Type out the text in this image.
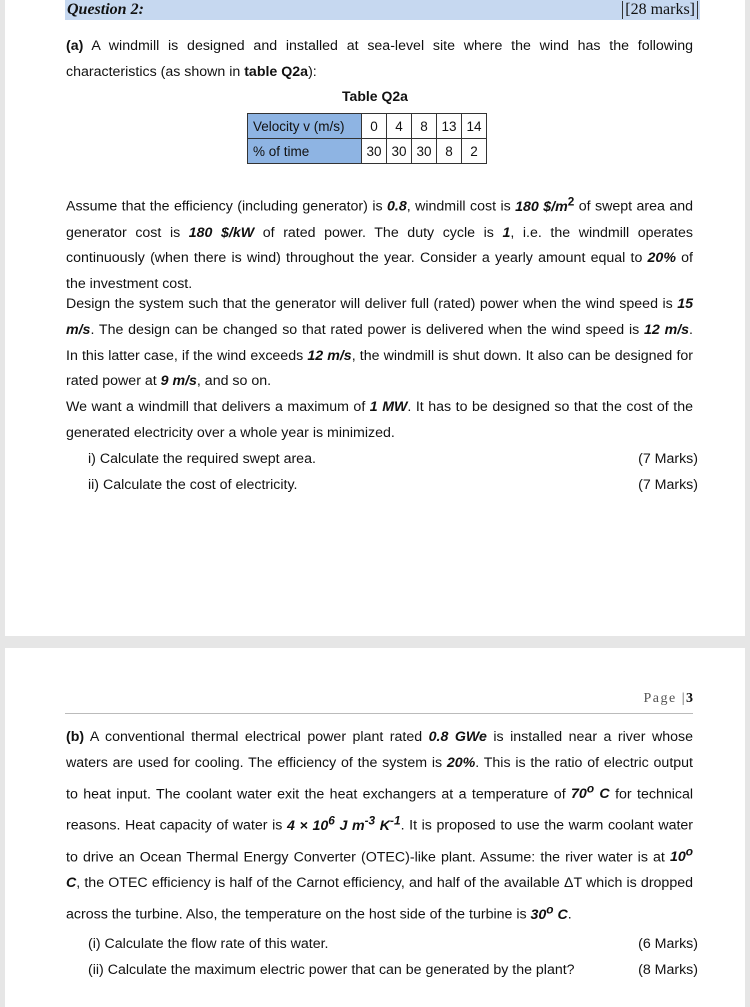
Question 2:	[28 marks]
(a) A windmill is designed and installed at sea-level site where the wind has the following characteristics (as shown in table Q2a):
Table Q2a
Velocity v (m/s)	0	4	8	13	14
% of time	30	30	30	8	2
Assume that the efficiency (including generator) is 0.8, windmill cost is 180 $\$/m^2$ of swept area and generator cost is 180 $/kW of rated power. The duty cycle is 1, i.e. the windmill operates continuously (when there is wind) throughout the year. Consider a yearly amount equal to 20% of the investment cost.
Design the system such that the generator will deliver full (rated) power when the wind speed is 15 m/s. The design can be changed so that rated power is delivered when the wind speed is 12 m/s. In this latter case, if the wind exceeds 12 m/s, the windmill is shut down. It also can be designed for rated power at 9 m/s, and so on.
We want a windmill that delivers a maximum of 1 MW. It has to be designed so that the cost of the generated electricity over a whole year is minimized.
i) Calculate the required swept area.	(7 Marks)
ii) Calculate the cost of electricity.	(7 Marks)
Page |3
(b) A conventional thermal electrical power plant rated 0.8 GWe is installed near a river whose waters are used for cooling. The efficiency of the system is 20%. This is the ratio of electric output to heat input. The coolant water exit the heat exchangers at a temperature of 70$^o$ C for technical reasons. Heat capacity of water is $4 \times 10^6$ J $m^{-3}$ $K^{-1}$. It is proposed to use the warm coolant water to drive an Ocean Thermal Energy Converter (OTEC)-like plant. Assume: the river water is at 10$^o$ C, the OTEC efficiency is half of the Carnot efficiency, and half of the available ΔT which is dropped across the turbine. Also, the temperature on the host side of the turbine is 30$^o$ C.
(i) Calculate the flow rate of this water.	(6 Marks)
(ii) Calculate the maximum electric power that can be generated by the plant?	(8 Marks)
